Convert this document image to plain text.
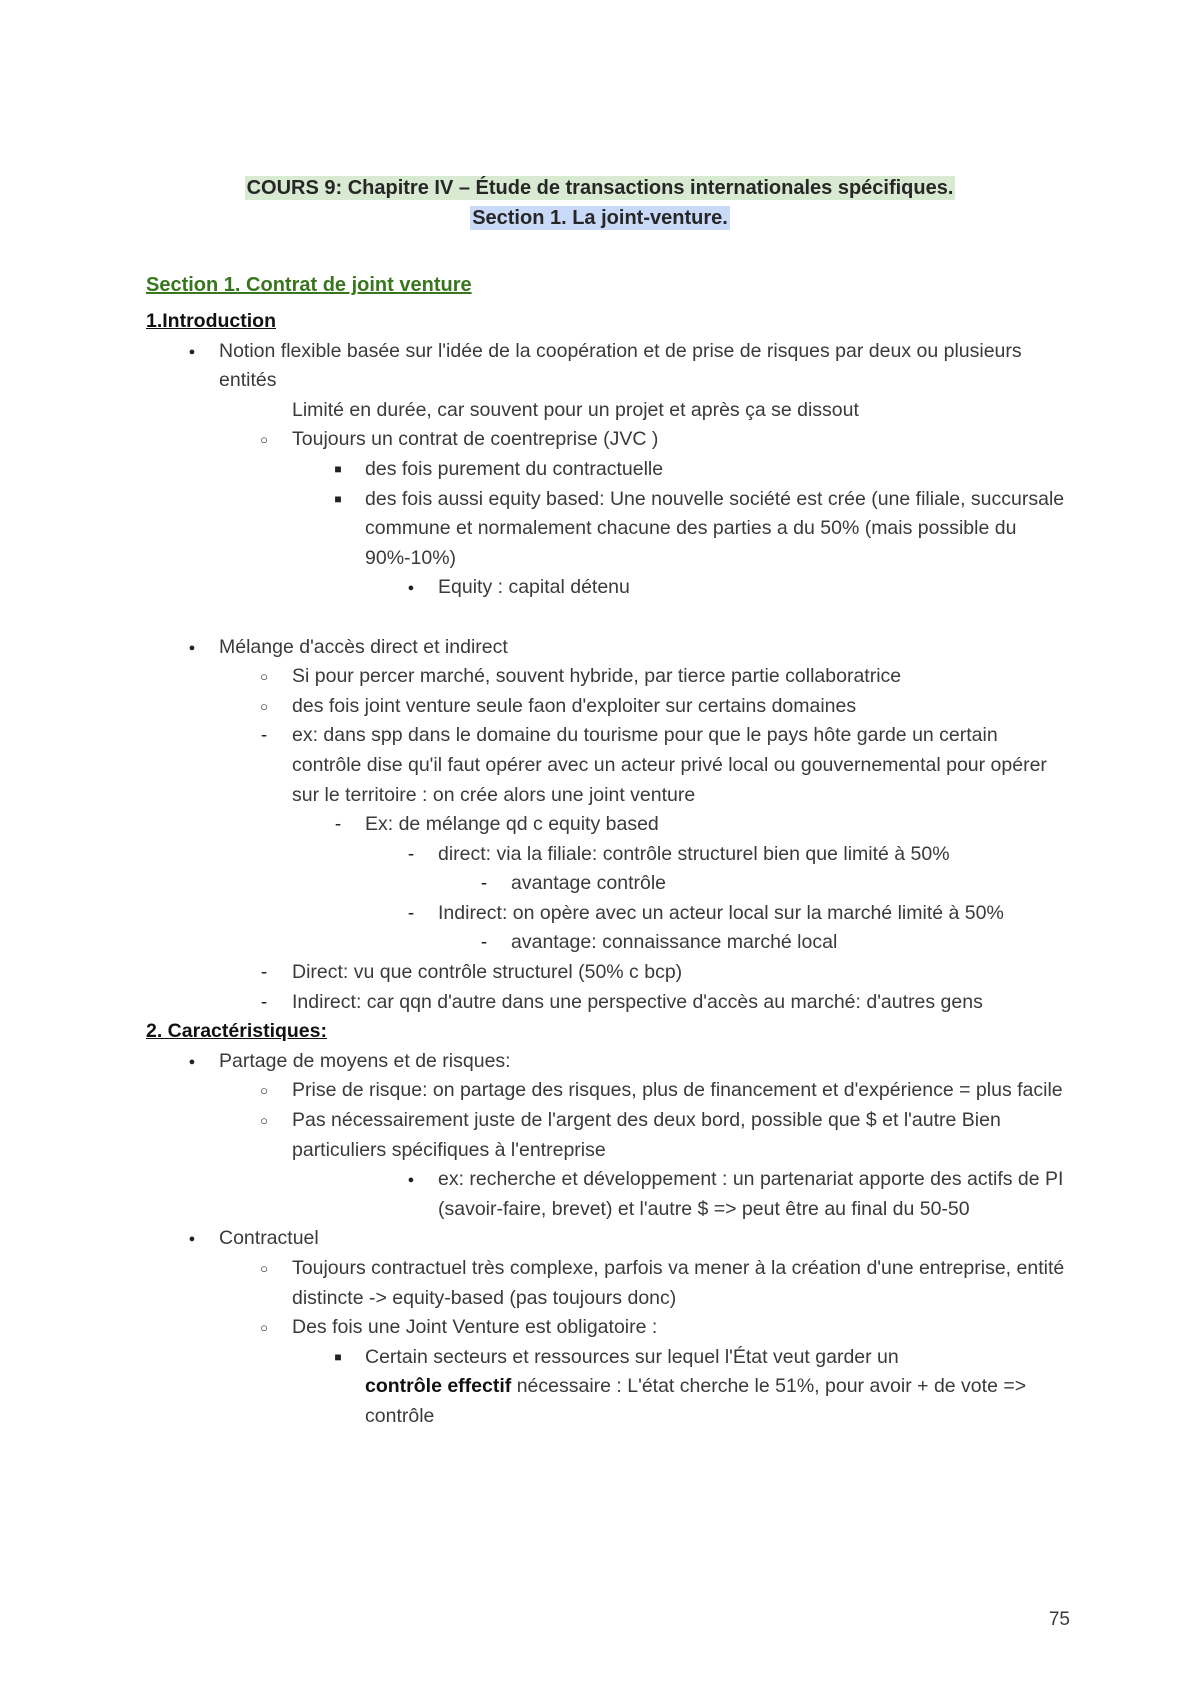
COURS 9: Chapitre IV – Étude de transactions internationales spécifiques.
Section 1. La joint-venture.
Section 1. Contrat de joint venture
1.Introduction
●
Notion flexible basée sur l'idée de la coopération et de prise de risques par deux ou plusieurs entités
Limité en durée, car souvent pour un projet et après ça se dissout
○
Toujours un contrat de coentreprise (JVC )
■
des fois purement du contractuelle
■
des fois aussi equity based: Une nouvelle société est crée (une filiale, succursale commune et normalement chacune des parties a du 50% (mais possible du 90%-10%)
●
Equity : capital détenu
●
Mélange d'accès direct et indirect
○
Si pour percer marché, souvent hybride, par tierce partie collaboratrice
○
des fois joint venture seule faon d'exploiter sur certains domaines
-
ex: dans spp dans le domaine du tourisme pour que le pays hôte garde un certain contrôle dise qu'il faut opérer avec un acteur privé local ou gouvernemental pour opérer sur le territoire : on crée alors une joint venture
-
Ex: de mélange qd c equity based
-
direct: via la filiale: contrôle structurel bien que limité à 50%
-
avantage contrôle
-
Indirect: on opère avec un acteur local sur la marché limité à 50%
-
avantage: connaissance marché local
-
Direct: vu que contrôle structurel (50% c bcp)
-
Indirect: car qqn d'autre dans une perspective d'accès au marché: d'autres gens
2. Caractéristiques:
●
Partage de moyens et de risques:
○
Prise de risque: on partage des risques, plus de financement et d'expérience = plus facile
○
Pas nécessairement juste de l'argent des deux bord, possible que $ et l'autre Bien particuliers spécifiques à l'entreprise
●
ex: recherche et développement : un partenariat apporte des actifs de PI (savoir-faire, brevet) et l'autre $ => peut être au final du 50-50
●
Contractuel
○
Toujours contractuel très complexe, parfois va mener à la création d'une entreprise, entité distincte -> equity-based (pas toujours donc)
○
Des fois une Joint Venture est obligatoire :
■
Certain secteurs et ressources sur lequel l'État veut garder un
contrôle effectif nécessaire : L'état cherche le 51%, pour avoir + de vote => contrôle
75
